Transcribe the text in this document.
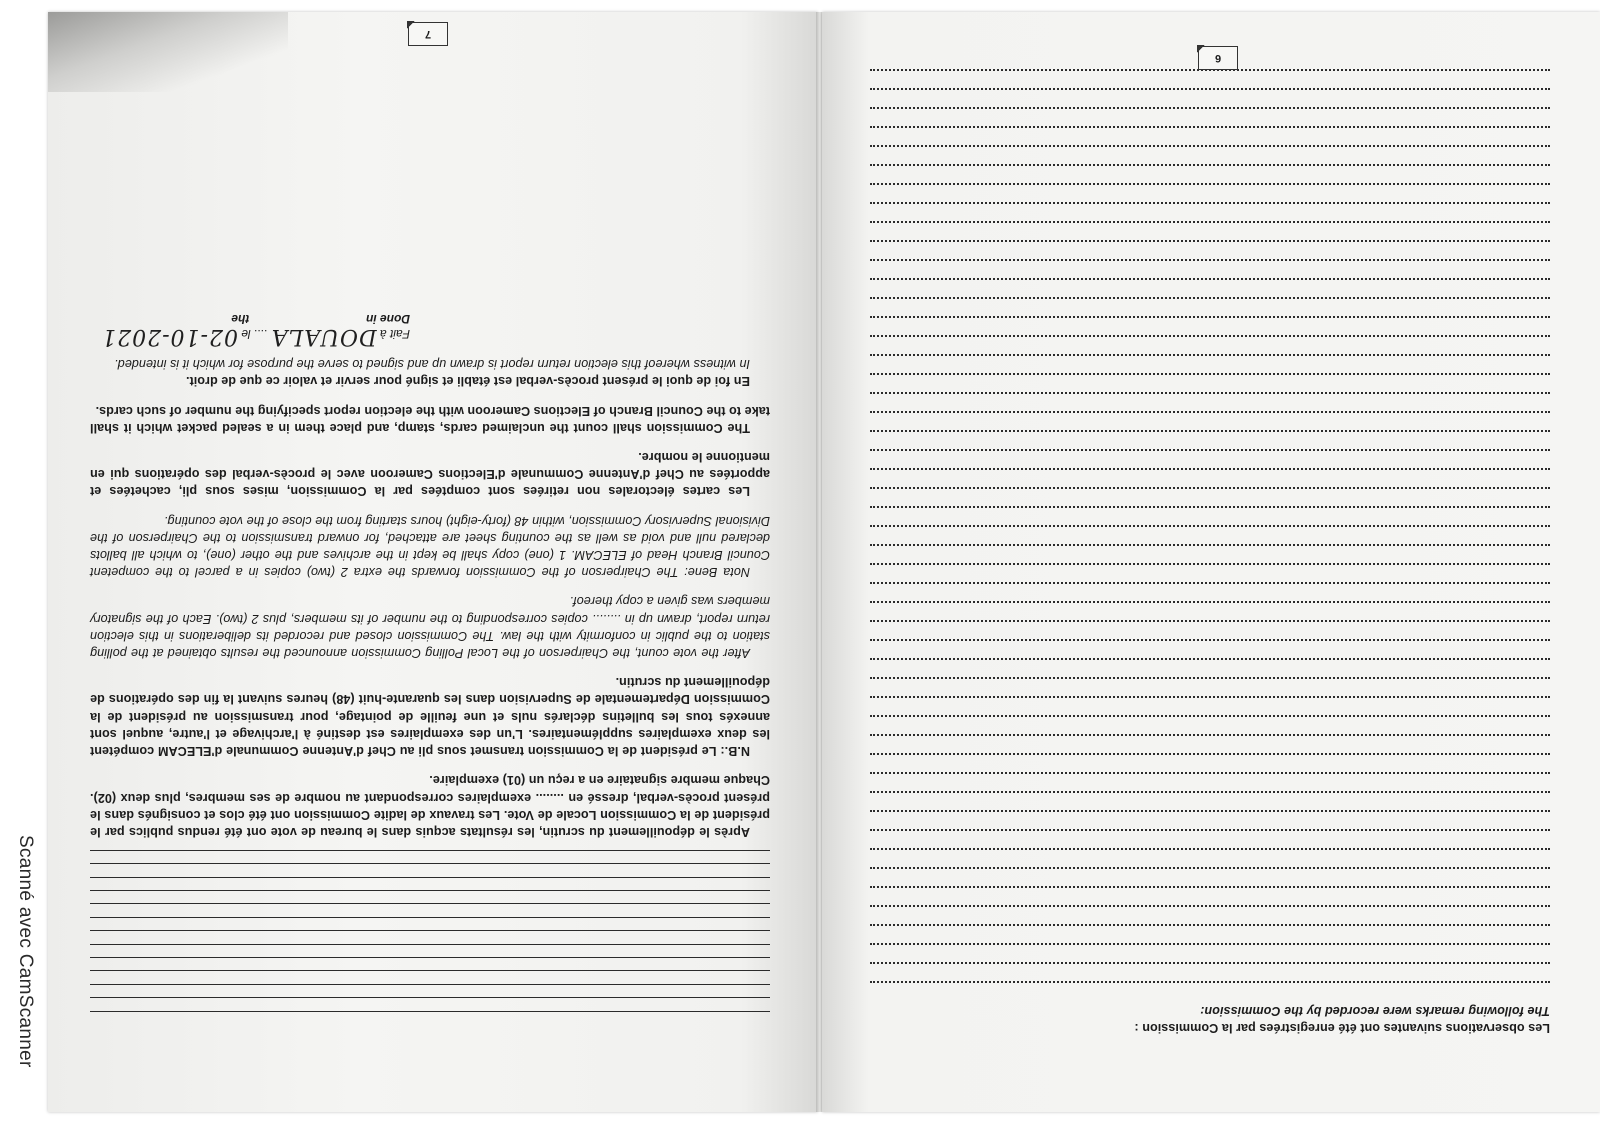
Après le dépouillement du scrutin, les résultats acquis dans le bureau de vote ont été rendus publics par le président de la Commission Locale de Vote. Les travaux de ladite Commission ont été clos et consignés dans le présent procès-verbal, dressé en ........ exemplaires correspondant au nombre de ses membres, plus deux (02). Chaque membre signataire en a reçu un (01) exemplaire.

N.B.: Le président de la Commission transmet sous pli au Chef d'Antenne Communale d'ELECAM compétent les deux exemplaires supplémentaires. L'un des exemplaires est destiné à l'archivage et l'autre, auquel sont annexés tous les bulletins déclarés nuls et une feuille de pointage, pour transmission au président de la Commission Départementale de Supervision dans les quarante-huit (48) heures suivant la fin des opérations de dépouillement du scrutin.

After the vote count, the Chairperson of the Local Polling Commission announced the results obtained at the polling station to the public in conformity with the law. The Commission closed and recorded its deliberations in this election return report, drawn up in ........ copies corresponding to the number of its members, plus 2 (two). Each of the signatory members was given a copy thereof.

Nota Bene: The Chairperson of the Commission forwards the extra 2 (two) copies in a parcel to the competent Council Branch Head of ELECAM. 1 (one) copy shall be kept in the archives and the other (one), to which all ballots declared null and void as well as the counting sheet are attached, for onward transmission to the Chairperson of the Divisional Supervisory Commission, within 48 (forty-eight) hours starting from the close of the vote counting.

Les cartes électorales non retirées sont comptées par la Commission, mises sous pli, cachetées et apportées au Chef d'Antenne Communale d'Elections Cameroon avec le procès-verbal des opérations qui en mentionne le nombre.

The Commission shall count the unclaimed cards, stamp, and place them in a sealed packet which it shall take to the Council Branch of Elections Cameroon with the election report specifying the number of such cards.

En foi de quoi le présent procès-verbal est établi et signé pour servir et valoir ce que de droit.

In witness whereof this election return report is drawn up and signed to serve the purpose for which it is intended.

Fait à DOUALA .... le 02-10-2021
Done in  the
7

Les observations suivantes ont été enregistrées par la Commission :

The following remarks were recorded by the Commission:

6
Scanné avec CamScanner
